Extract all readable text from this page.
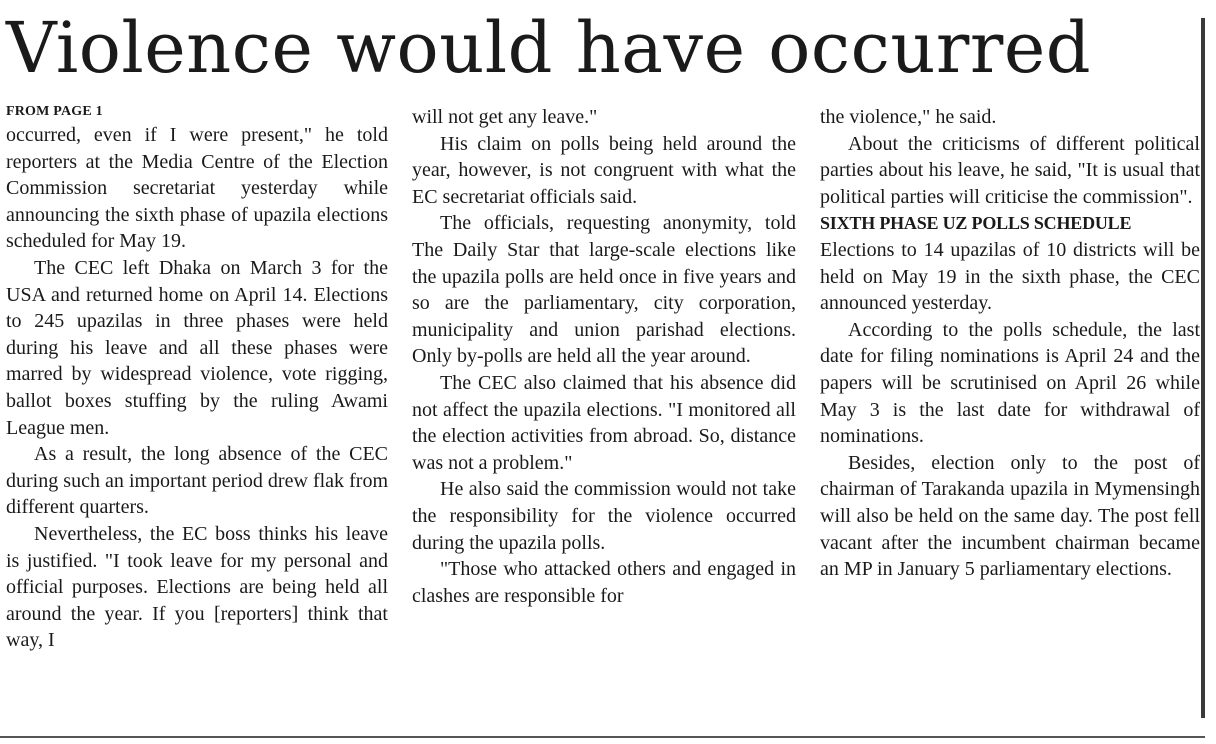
Violence would have occurred
FROM PAGE 1

occurred, even if I were present," he told reporters at the Media Centre of the Election Commission secretariat yesterday while announcing the sixth phase of upazila elections scheduled for May 19.

The CEC left Dhaka on March 3 for the USA and returned home on April 14. Elections to 245 upazilas in three phases were held during his leave and all these phases were marred by widespread violence, vote rigging, ballot boxes stuffing by the ruling Awami League men.

As a result, the long absence of the CEC during such an important period drew flak from different quarters.

Nevertheless, the EC boss thinks his leave is justified. "I took leave for my personal and official purposes. Elections are being held all around the year. If you [reporters] think that way, I

will not get any leave."

His claim on polls being held around the year, however, is not congruent with what the EC secretariat officials said.

The officials, requesting anonymity, told The Daily Star that large-scale elections like the upazila polls are held once in five years and so are the parliamentary, city corporation, municipality and union parishad elections. Only by-polls are held all the year around.

The CEC also claimed that his absence did not affect the upazila elections. "I monitored all the election activities from abroad. So, distance was not a problem."

He also said the commission would not take the responsibility for the violence occurred during the upazila polls.

"Those who attacked others and engaged in clashes are responsible for

the violence," he said.

About the criticisms of different political parties about his leave, he said, "It is usual that political parties will criticise the commission".

SIXTH PHASE UZ POLLS SCHEDULE

Elections to 14 upazilas of 10 districts will be held on May 19 in the sixth phase, the CEC announced yesterday.

According to the polls schedule, the last date for filing nominations is April 24 and the papers will be scrutinised on April 26 while May 3 is the last date for withdrawal of nominations.

Besides, election only to the post of chairman of Tarakanda upazila in Mymensingh will also be held on the same day. The post fell vacant after the incumbent chairman became an MP in January 5 parliamentary elections.
